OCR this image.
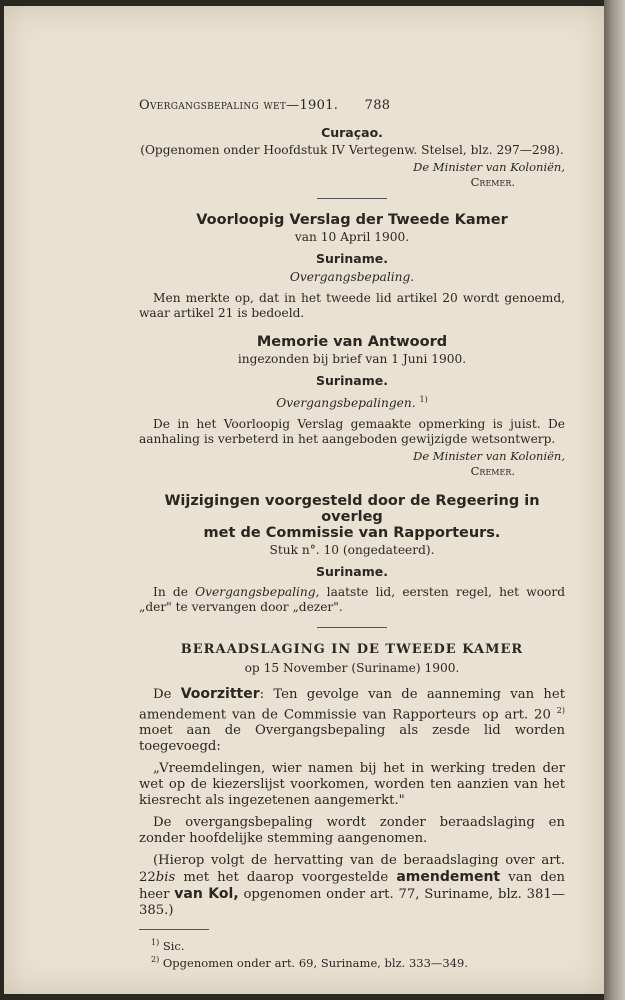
Overgangsbepaling wet—1901. 788
Curaçao.
(Opgenomen onder Hoofdstuk IV Vertegenw. Stelsel, blz. 297—298).
De Minister van Koloniën,
Cremer.
Voorloopig Verslag der Tweede Kamer
van 10 April 1900.
Suriname.
Overgangsbepaling.
Men merkte op, dat in het tweede lid artikel 20 wordt genoemd, waar artikel 21 is bedoeld.
Memorie van Antwoord
ingezonden bij brief van 1 Juni 1900.
Suriname.
Overgangsbepalingen. $^{1)}$
De in het Voorloopig Verslag gemaakte opmerking is juist. De aanhaling is verbeterd in het aangeboden gewijzigde wetsontwerp.
De Minister van Koloniën,
Cremer.
Wijzigingen voorgesteld door de Regeering in overleg
met de Commissie van Rapporteurs.
Stuk n°. 10 (ongedateerd).
Suriname.
In de Overgangsbepaling, laatste lid, eersten regel, het woord „der" te vervangen door „dezer".
BERAADSLAGING IN DE TWEEDE KAMER
op 15 November (Suriname) 1900.
De Voorzitter: Ten gevolge van de aanneming van het amendement van de Commissie van Rapporteurs op art. 20 $^{2)}$ moet aan de Overgangsbepaling als zesde lid worden toegevoegd:
„Vreemdelingen, wier namen bij het in werking treden der wet op de kiezerslijst voorkomen, worden ten aanzien van het kiesrecht als ingezetenen aangemerkt."
De overgangsbepaling wordt zonder beraadslaging en zonder hoofdelijke stemming aangenomen.
(Hierop volgt de hervatting van de beraadslaging over art. 22bis met het daarop voorgestelde amendement van den heer van Kol, opgenomen onder art. 77, Suriname, blz. 381—385.)
$^{1)}$ Sic.
$^{2)}$ Opgenomen onder art. 69, Suriname, blz. 333—349.
